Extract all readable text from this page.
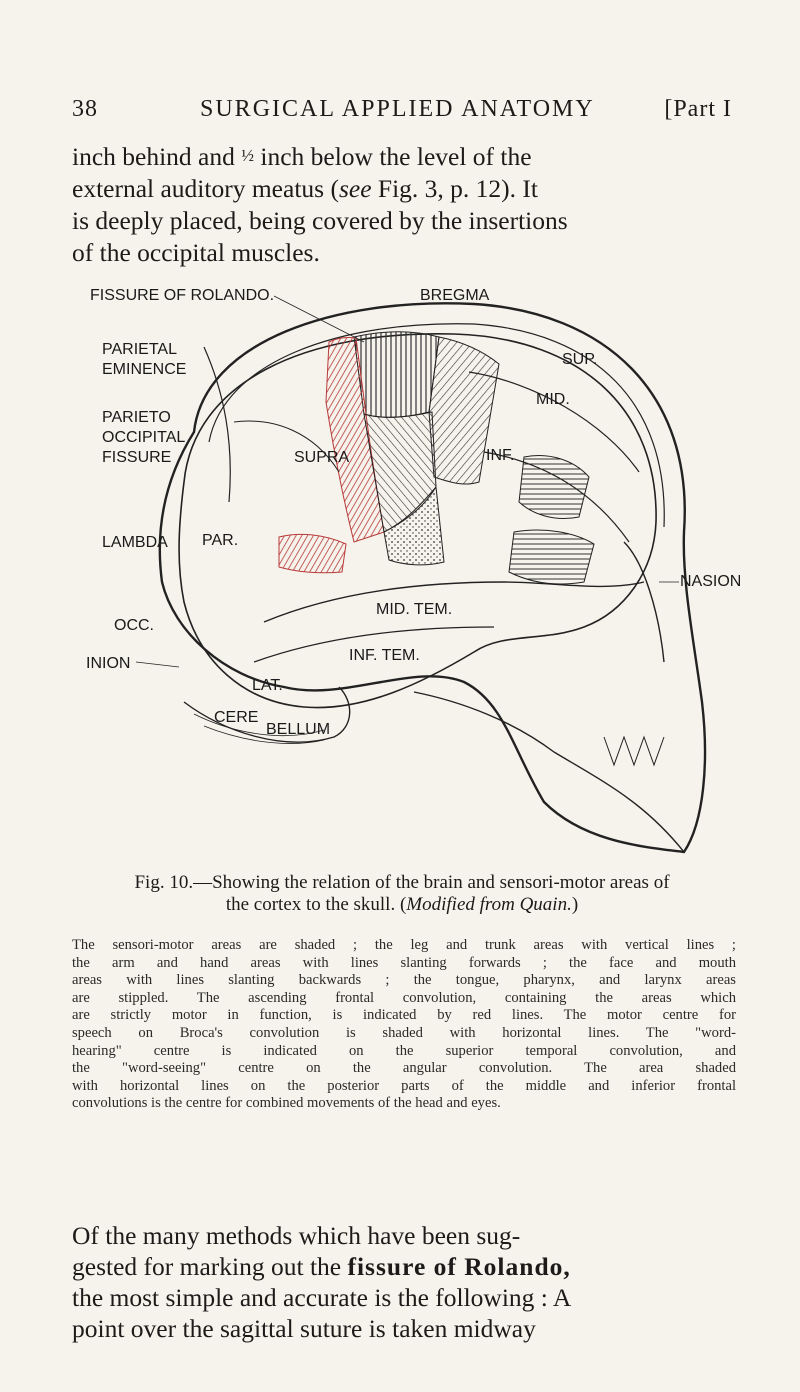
38	SURGICAL APPLIED ANATOMY	[Part I
inch behind and ½ inch below the level of the
external auditory meatus (see Fig. 3, p. 12). It
is deeply placed, being covered by the insertions
of the occipital muscles.
FISSURE OF ROLANDO.	BREGMA
PARIETAL
EMINENCE
PARIETO
OCCIPITAL
FISSURE
LAMBDA
NASION
INION
SUP.
MID.
SUPRA	INF.
PAR.
OCC.
MID. TEM.
INF. TEM.
CERE
BELLUM
LAT.
Fig. 10.—Showing the relation of the brain and sensori-motor areas of
the cortex to the skull. (Modified from Quain.)
The sensori-motor areas are shaded ; the leg and trunk areas with vertical lines ;
the arm and hand areas with lines slanting forwards ; the face and mouth
areas with lines slanting backwards ; the tongue, pharynx, and larynx areas
are stippled. The ascending frontal convolution, containing the areas which
are strictly motor in function, is indicated by red lines. The motor centre for
speech on Broca's convolution is shaded with horizontal lines. The "word-
hearing" centre is indicated on the superior temporal convolution, and
the "word-seeing" centre on the angular convolution. The area shaded
with horizontal lines on the posterior parts of the middle and inferior frontal
convolutions is the centre for combined movements of the head and eyes.
Of the many methods which have been sug-
gested for marking out the fissure of Rolando,
the most simple and accurate is the following : A
point over the sagittal suture is taken midway
